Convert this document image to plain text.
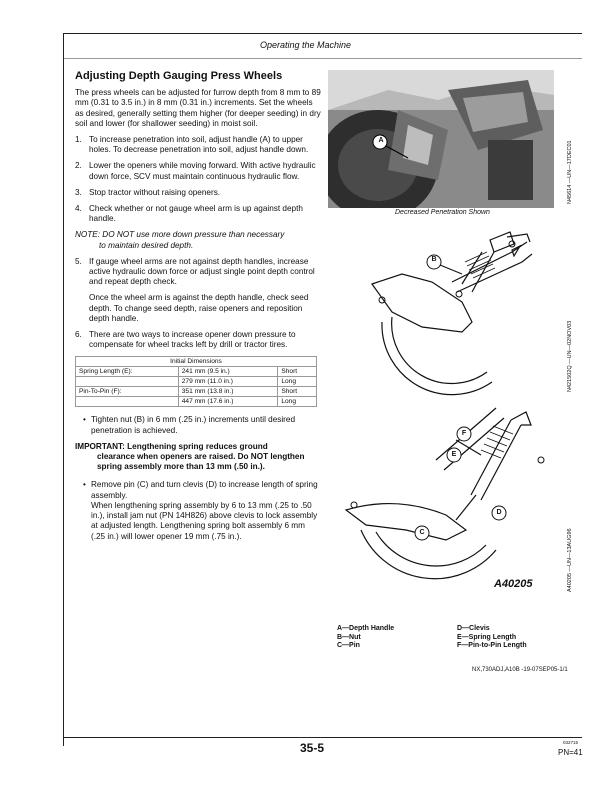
Operating the Machine
Adjusting Depth Gauging Press Wheels

The press wheels can be adjusted for furrow depth from 8 mm to 89 mm (0.31 to 3.5 in.) in 8 mm (0.31 in.) increments. Set the wheels as desired, generally setting them higher (for deeper seeding) in dry soil and lower (for shallower seeding) in moist soil.

1. To increase penetration into soil, adjust handle (A) to upper holes. To decrease penetration into soil, adjust handle down.
2. Lower the openers while moving forward. With active hydraulic down force, SCV must maintain continuous hydraulic flow.
3. Stop tractor without raising openers.
4. Check whether or not gauge wheel arm is up against depth handle.
NOTE: DO NOT use more down pressure than necessary
to maintain desired depth.
5. If gauge wheel arms are not against depth handles, increase active hydraulic down force or adjust single point depth control and repeat depth check.

Once the wheel arm is against the depth handle, check seed depth. To change seed depth, raise openers and reposition depth handle.

6. There are two ways to increase opener down pressure to compensate for wheel tracks left by drill or tractor tires.
Initial Dimensions		
Spring Length (E):	241 mm (9.5 in.)	Short
	279 mm (11.0 in.)	Long
Pin-To-Pin (F):	351 mm (13.8 in.)	Short
	447 mm (17.6 in.)	Long
• Tighten nut (B) in 6 mm (.25 in.) increments until desired penetration is achieved.
IMPORTANT: Lengthening spring reduces ground
clearance when openers are raised. Do NOT lengthen spring assembly more than 13 mm (.50 in.).
• Remove pin (C) and turn clevis (D) to increase length of spring assembly.
When lengthening spring assembly by 6 to 13 mm (.25 to .50 in.), install jam nut (PN 14H826) above clevis to lock assembly at adjusted length. Lengthening spring bolt assembly 6 mm (.25 in.) will lower opener 19 mm (.75 in.).
A
Decreased Penetration Shown
N45614 —UN—17DEC01
B
N421502Q —UN—02NOV03
E
F
D
C
A40205	A40205 —UN—13AUG96
A—Depth Handle
B—Nut
C—Pin
D—Clevis
E—Spring Length
F—Pin-to-Pin Length
NX,730ADJ,A10B -19-07SEP05-1/1
35-5	032715
PN=41
